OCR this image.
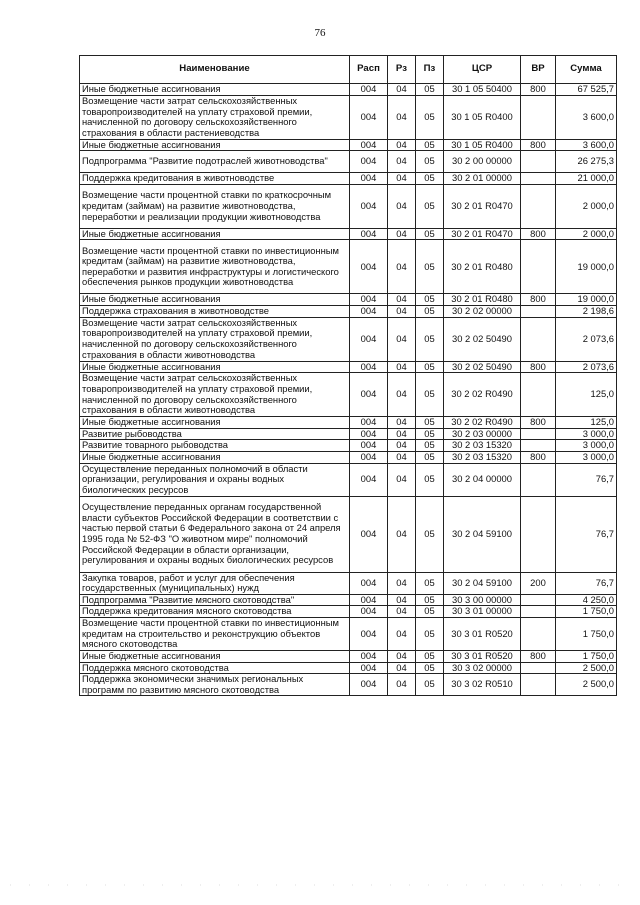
76
Наименование	Расп	Рз	Пз	ЦСР	ВР	Сумма
Иные бюджетные ассигнования	004	04	05	30 1 05 50400	800	67 525,7
Возмещение части затрат сельскохозяйственных товаропроизводителей на уплату страховой премии, начисленной по договору сельскохозяйственного страхования в области растениеводства	004	04	05	30 1 05 R0400		3 600,0
Иные бюджетные ассигнования	004	04	05	30 1 05 R0400	800	3 600,0
Подпрограмма "Развитие подотраслей животноводства"	004	04	05	30 2 00 00000		26 275,3
Поддержка кредитования в животноводстве	004	04	05	30 2 01 00000		21 000,0
Возмещение части процентной ставки по краткосрочным кредитам (займам) на развитие животноводства, переработки и реализации продукции животноводства	004	04	05	30 2 01 R0470		2 000,0
Иные бюджетные ассигнования	004	04	05	30 2 01 R0470	800	2 000,0
Возмещение части процентной ставки по инвестиционным кредитам (займам) на развитие животноводства, переработки и развития инфраструктуры и логистического обеспечения рынков продукции животноводства	004	04	05	30 2 01 R0480		19 000,0
Иные бюджетные ассигнования	004	04	05	30 2 01 R0480	800	19 000,0
Поддержка страхования в животноводстве	004	04	05	30 2 02 00000		2 198,6
Возмещение части затрат сельскохозяйственных товаропроизводителей на уплату страховой премии, начисленной по договору сельскохозяйственного страхования в области животноводства	004	04	05	30 2 02 50490		2 073,6
Иные бюджетные ассигнования	004	04	05	30 2 02 50490	800	2 073,6
Возмещение части затрат сельскохозяйственных товаропроизводителей на уплату страховой премии, начисленной по договору сельскохозяйственного страхования в области животноводства	004	04	05	30 2 02 R0490		125,0
Иные бюджетные ассигнования	004	04	05	30 2 02 R0490	800	125,0
Развитие рыбоводства	004	04	05	30 2 03 00000		3 000,0
Развитие товарного рыбоводства	004	04	05	30 2 03 15320		3 000,0
Иные бюджетные ассигнования	004	04	05	30 2 03 15320	800	3 000,0
Осуществление переданных полномочий в области организации, регулирования и охраны водных биологических ресурсов	004	04	05	30 2 04 00000		76,7
Осуществление переданных органам государственной власти субъектов Российской Федерации в соответствии с частью первой статьи 6 Федерального закона от 24 апреля 1995 года № 52-ФЗ "О животном мире" полномочий Российской Федерации в области организации, регулирования и охраны водных биологических ресурсов	004	04	05	30 2 04 59100		76,7
Закупка товаров, работ и услуг для обеспечения государственных (муниципальных) нужд	004	04	05	30 2 04 59100	200	76,7
Подпрограмма "Развитие мясного скотоводства"	004	04	05	30 3 00 00000		4 250,0
Поддержка кредитования мясного скотоводства	004	04	05	30 3 01 00000		1 750,0
Возмещение части процентной ставки по инвестиционным кредитам на строительство и реконструкцию объектов мясного скотоводства	004	04	05	30 3 01 R0520		1 750,0
Иные бюджетные ассигнования	004	04	05	30 3 01 R0520	800	1 750,0
Поддержка мясного скотоводства	004	04	05	30 3 02 00000		2 500,0
Поддержка экономически значимых региональных программ по развитию мясного скотоводства	004	04	05	30 3 02 R0510		2 500,0
